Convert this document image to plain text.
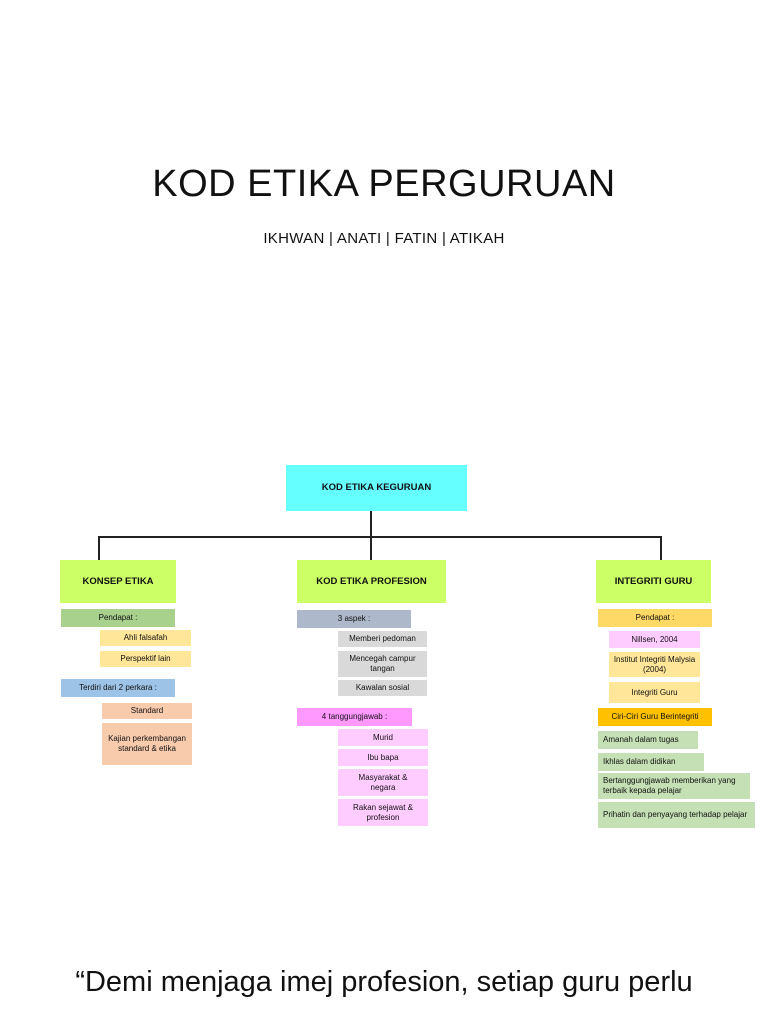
KOD ETIKA PERGURUAN
IKHWAN | ANATI | FATIN | ATIKAH
KOD ETIKA KEGURUAN
KONSEP ETIKA
Pendapat :
Ahli falsafah
Perspektif lain
Terdiri dari 2 perkara :
Standard
Kajian perkembangan standard & etika
KOD ETIKA PROFESION
3 aspek :
Memberi pedoman
Mencegah campur tangan
Kawalan sosial
4 tanggungjawab :
Murid
Ibu bapa
Masyarakat & negara
Rakan sejawat & profesion
INTEGRITI GURU
Pendapat :
Nillsen, 2004
Institut Integriti Malysia (2004)
Integriti Guru
Ciri-Ciri Guru Berintegriti
Amanah dalam tugas
Ikhlas dalam didikan
Bertanggungjawab memberikan yang terbaik kepada pelajar
Prihatin dan penyayang terhadap pelajar
“Demi menjaga imej profesion, setiap guru perlu
